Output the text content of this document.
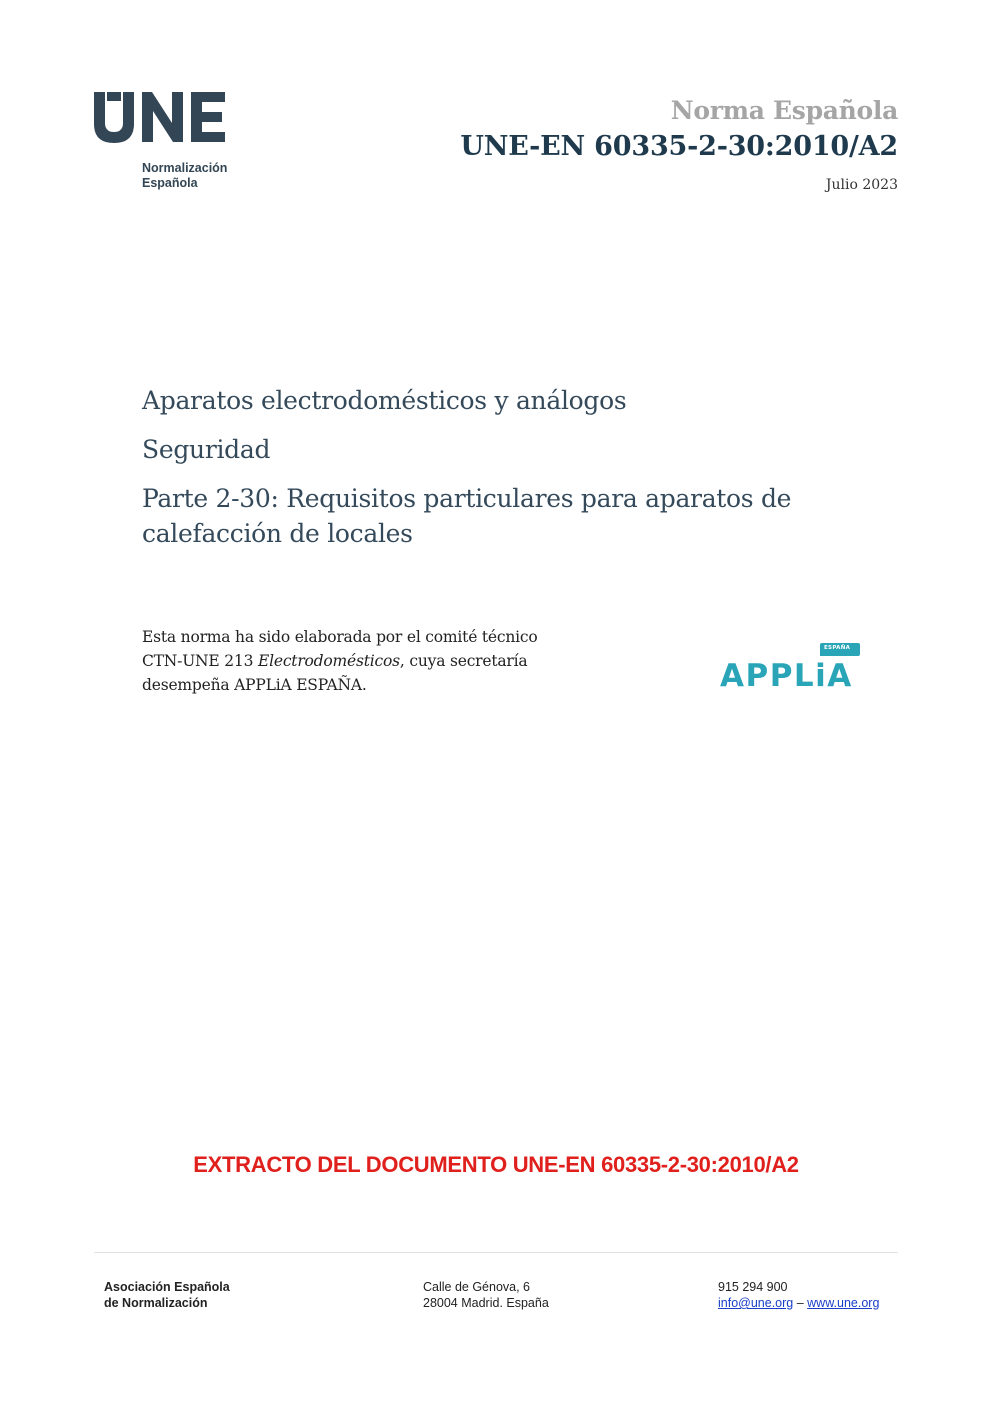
Normalización
Española
Norma Española
UNE-EN 60335-2-30:2010/A2
Julio 2023
Aparatos electrodomésticos y análogos
Seguridad
Parte 2-30: Requisitos particulares para aparatos de
calefacción de locales
Esta norma ha sido elaborada por el comité técnico
CTN-UNE 213 Electrodomésticos, cuya secretaría
desempeña APPLiA ESPAÑA.
ESPAÑA
APPLiA
EXTRACTO DEL DOCUMENTO UNE-EN 60335-2-30:2010/A2
Asociación Española
de Normalización
Calle de Génova, 6
28004 Madrid. España
915 294 900
info@une.org – www.une.org
